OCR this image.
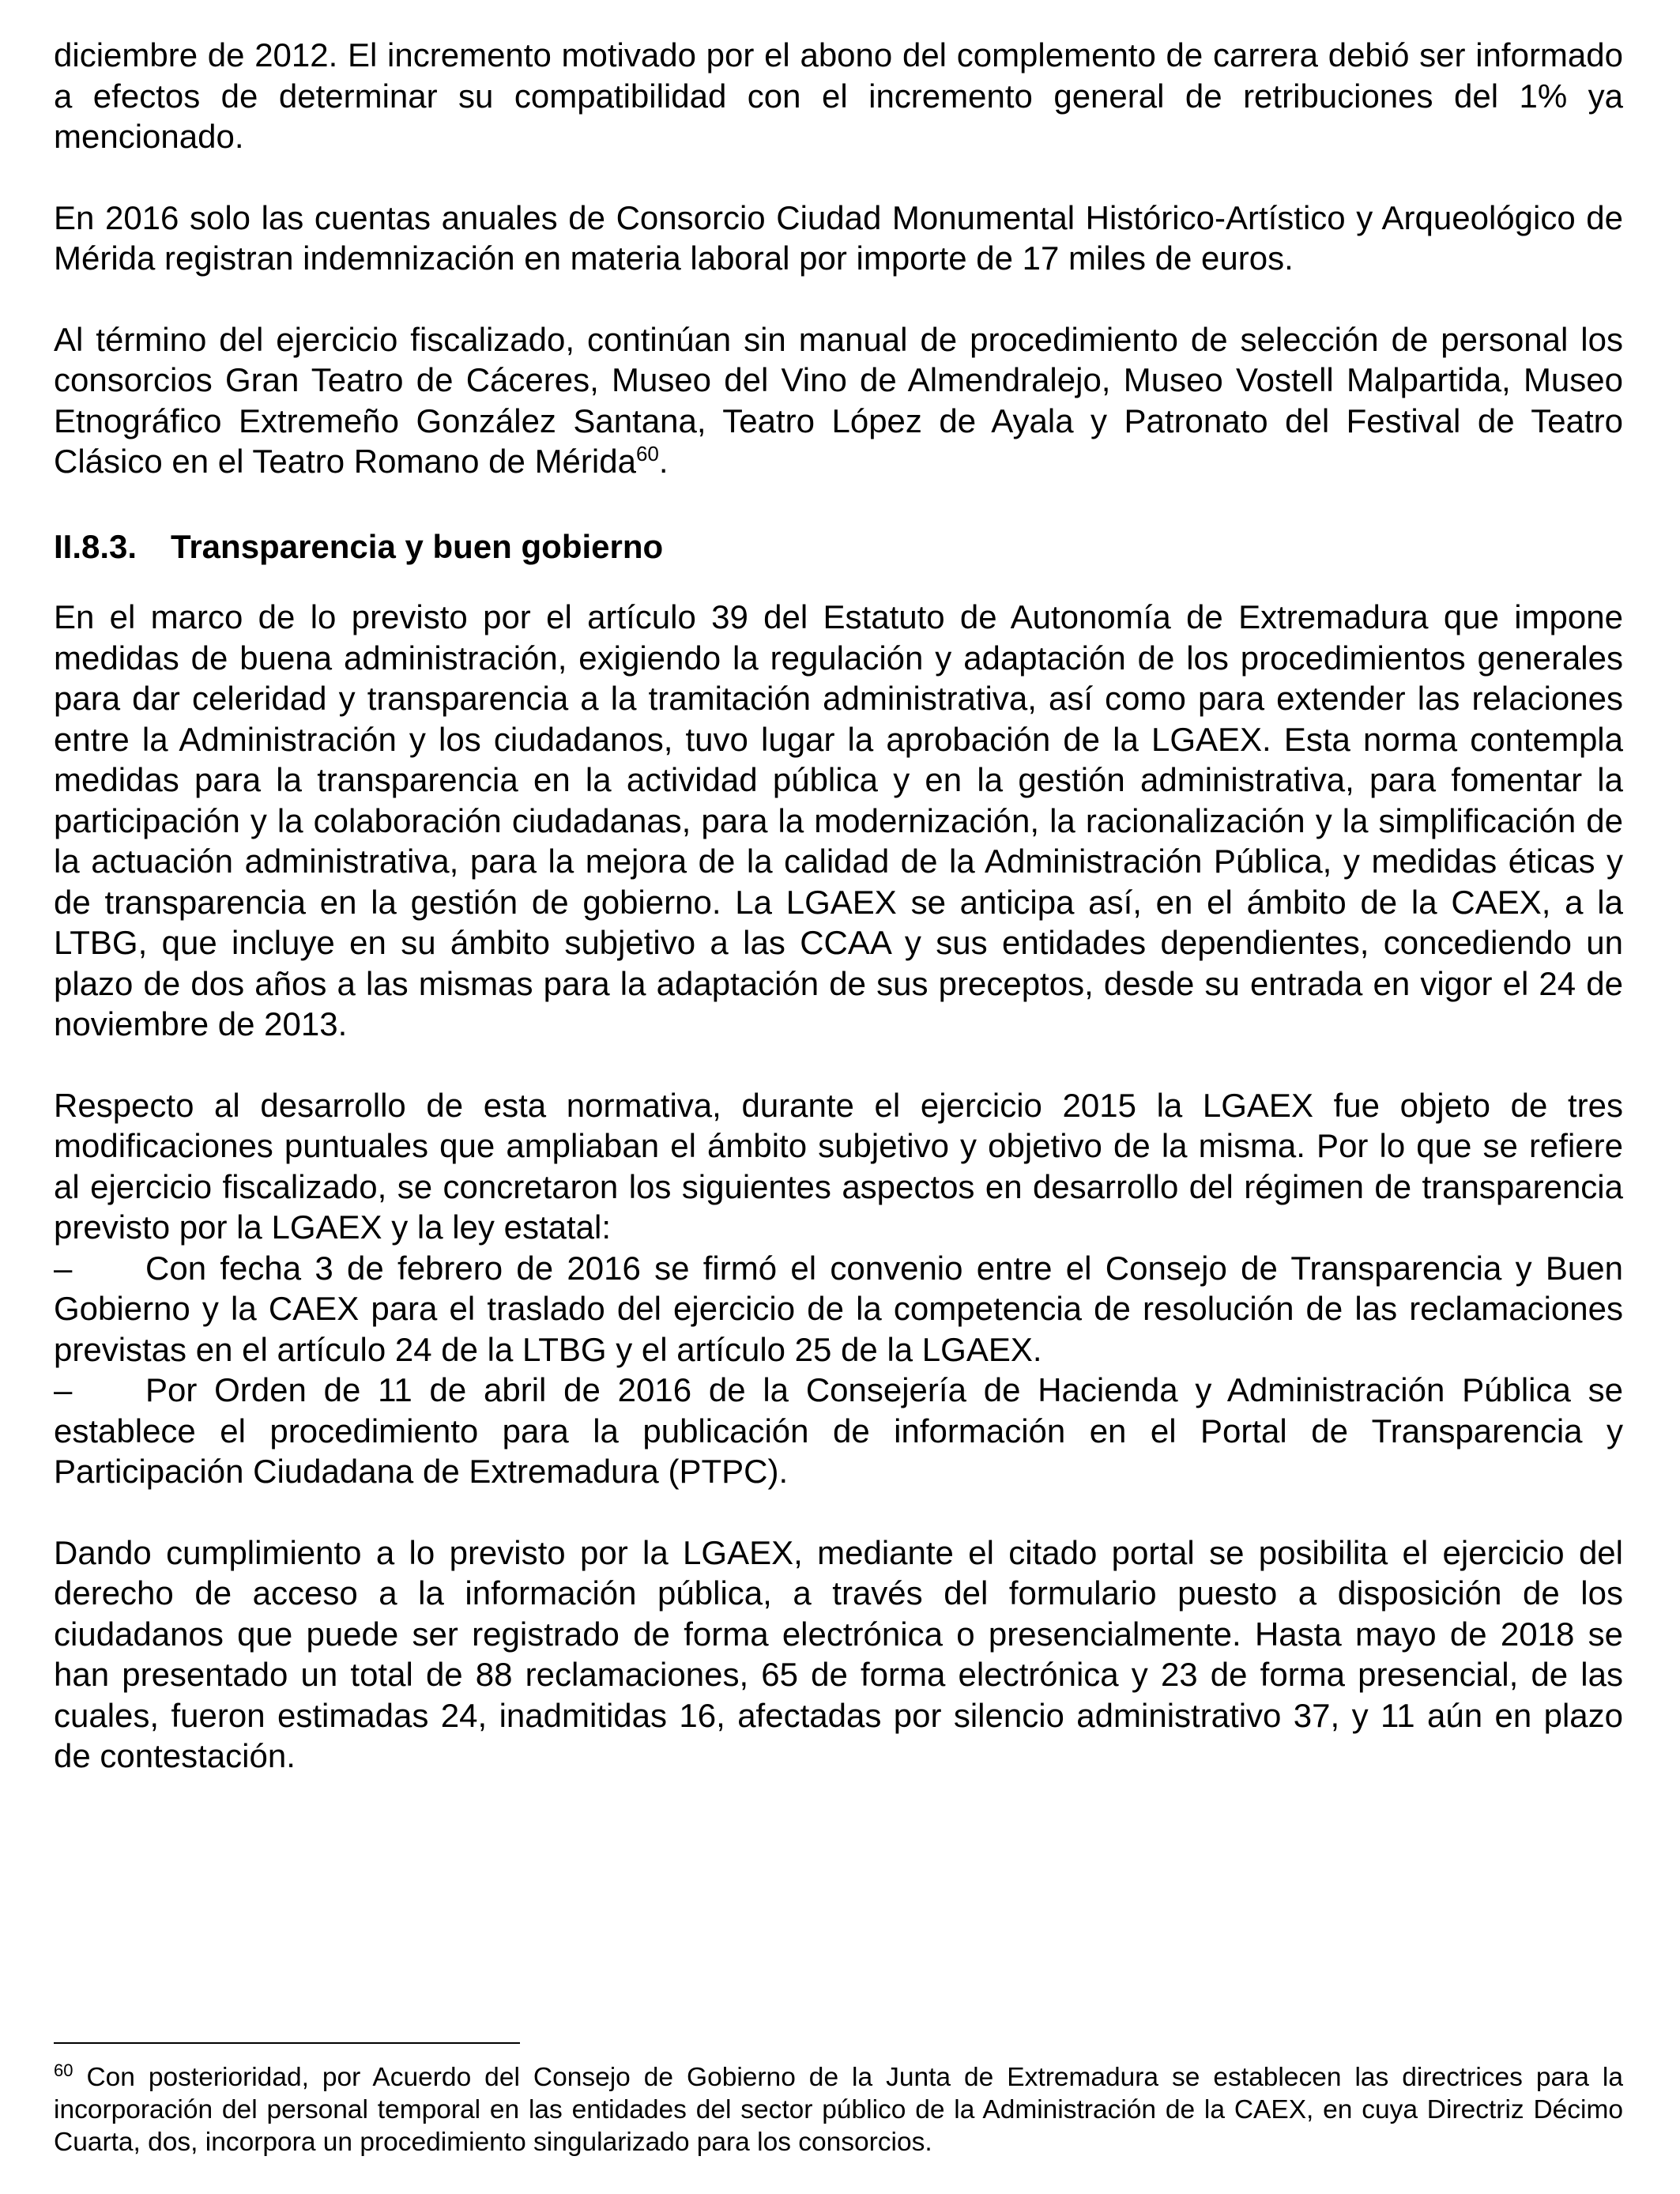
diciembre de 2012. El incremento motivado por el abono del complemento de carrera debió ser informado a efectos de determinar su compatibilidad con el incremento general de retribuciones del 1% ya mencionado.

En 2016 solo las cuentas anuales de Consorcio Ciudad Monumental Histórico-Artístico y Arqueológico de Mérida registran indemnización en materia laboral por importe de 17 miles de euros.

Al término del ejercicio fiscalizado, continúan sin manual de procedimiento de selección de personal los consorcios Gran Teatro de Cáceres, Museo del Vino de Almendralejo, Museo Vostell Malpartida, Museo Etnográfico Extremeño González Santana, Teatro López de Ayala y Patronato del Festival de Teatro Clásico en el Teatro Romano de Mérida$^{60}$.

II.8.3. Transparencia y buen gobierno

En el marco de lo previsto por el artículo 39 del Estatuto de Autonomía de Extremadura que impone medidas de buena administración, exigiendo la regulación y adaptación de los procedimientos generales para dar celeridad y transparencia a la tramitación administrativa, así como para extender las relaciones entre la Administración y los ciudadanos, tuvo lugar la aprobación de la LGAEX. Esta norma contempla medidas para la transparencia en la actividad pública y en la gestión administrativa, para fomentar la participación y la colaboración ciudadanas, para la modernización, la racionalización y la simplificación de la actuación administrativa, para la mejora de la calidad de la Administración Pública, y medidas éticas y de transparencia en la gestión de gobierno. La LGAEX se anticipa así, en el ámbito de la CAEX, a la LTBG, que incluye en su ámbito subjetivo a las CCAA y sus entidades dependientes, concediendo un plazo de dos años a las mismas para la adaptación de sus preceptos, desde su entrada en vigor el 24 de noviembre de 2013.

Respecto al desarrollo de esta normativa, durante el ejercicio 2015 la LGAEX fue objeto de tres modificaciones puntuales que ampliaban el ámbito subjetivo y objetivo de la misma. Por lo que se refiere al ejercicio fiscalizado, se concretaron los siguientes aspectos en desarrollo del régimen de transparencia previsto por la LGAEX y la ley estatal:

– Con fecha 3 de febrero de 2016 se firmó el convenio entre el Consejo de Transparencia y Buen Gobierno y la CAEX para el traslado del ejercicio de la competencia de resolución de las reclamaciones previstas en el artículo 24 de la LTBG y el artículo 25 de la LGAEX.

– Por Orden de 11 de abril de 2016 de la Consejería de Hacienda y Administración Pública se establece el procedimiento para la publicación de información en el Portal de Transparencia y Participación Ciudadana de Extremadura (PTPC).

Dando cumplimiento a lo previsto por la LGAEX, mediante el citado portal se posibilita el ejercicio del derecho de acceso a la información pública, a través del formulario puesto a disposición de los ciudadanos que puede ser registrado de forma electrónica o presencialmente. Hasta mayo de 2018 se han presentado un total de 88 reclamaciones, 65 de forma electrónica y 23 de forma presencial, de las cuales, fueron estimadas 24, inadmitidas 16, afectadas por silencio administrativo 37, y 11 aún en plazo de contestación.

$^{60}$ Con posterioridad, por Acuerdo del Consejo de Gobierno de la Junta de Extremadura se establecen las directrices para la incorporación del personal temporal en las entidades del sector público de la Administración de la CAEX, en cuya Directriz Décimo Cuarta, dos, incorpora un procedimiento singularizado para los consorcios.
